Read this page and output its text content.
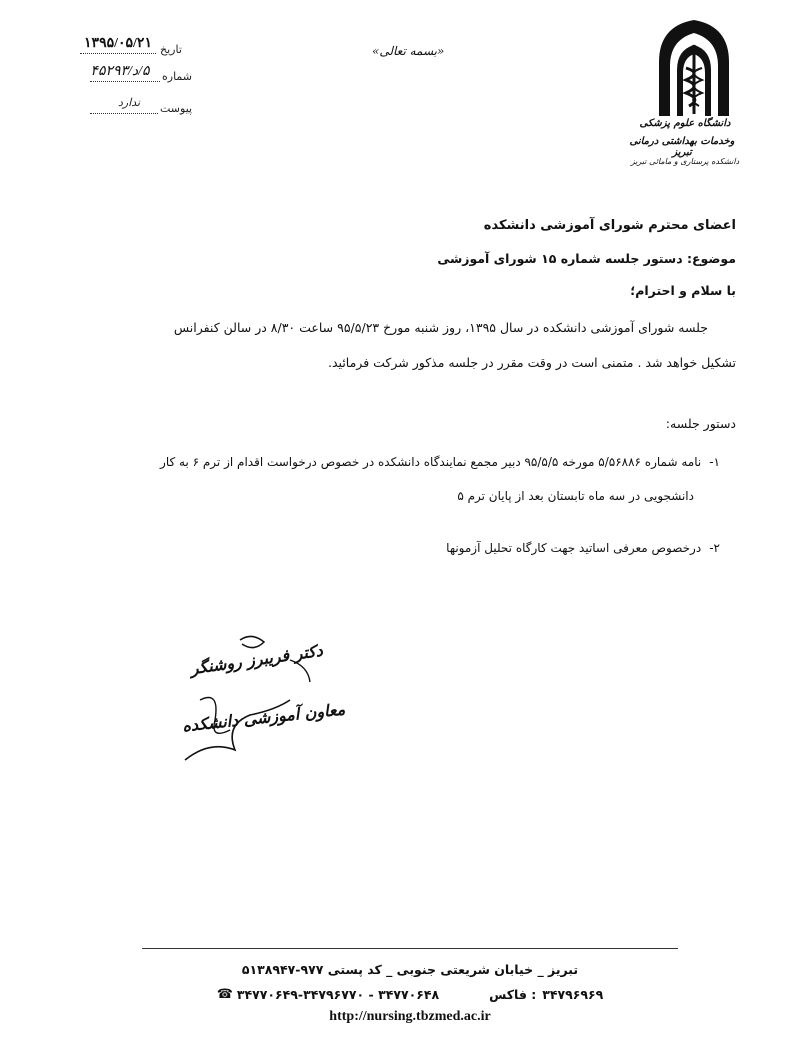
تاریخ
۱۳۹۵/۰۵/۲۱
شماره
۵/د/۴۵۲۹۳
پیوست
ندارد
«بسمه تعالی»
دانشگاه علوم پزشکی
وخدمات بهداشتی درمانی تبریز
دانشکده پرستاری و مامائی تبریز
اعضای محترم شورای آموزشی دانشکده
موضوع: دستور جلسه شماره ۱۵ شورای آموزشی
با سلام و احترام؛
جلسه شورای آموزشی دانشکده در سال ۱۳۹۵، روز شنبه مورخ ۹۵/۵/۲۳ ساعت ۸/۳۰ در سالن کنفرانس
تشکیل خواهد شد . متمنی است در وقت مقرر در جلسه مذکور شرکت فرمائید.
دستور جلسه:
۱-
نامه شماره ۵/۵۶۸۸۶ مورخه ۹۵/۵/۵ دبیر مجمع نمایندگاه دانشکده در خصوص درخواست اقدام از ترم ۶ به کار
دانشجویی در سه ماه تابستان بعد از پایان ترم ۵
۲-
درخصوص معرفی اساتید جهت کارگاه تحلیل آزمونها
دکتر فریبرز روشنگر
معاون آموزشی دانشکده
تبریز _ خیابان شریعتی جنوبی _ کد پستی ۹۷۷-۵۱۳۸۹۴۷
۳۴۷۹۶۹۶۹
: فاکس
۳۴۷۷۰۶۴۸ - ۳۴۷۷۰۶۴۹-۳۴۷۹۶۷۷۰
☎
http://nursing.tbzmed.ac.ir
